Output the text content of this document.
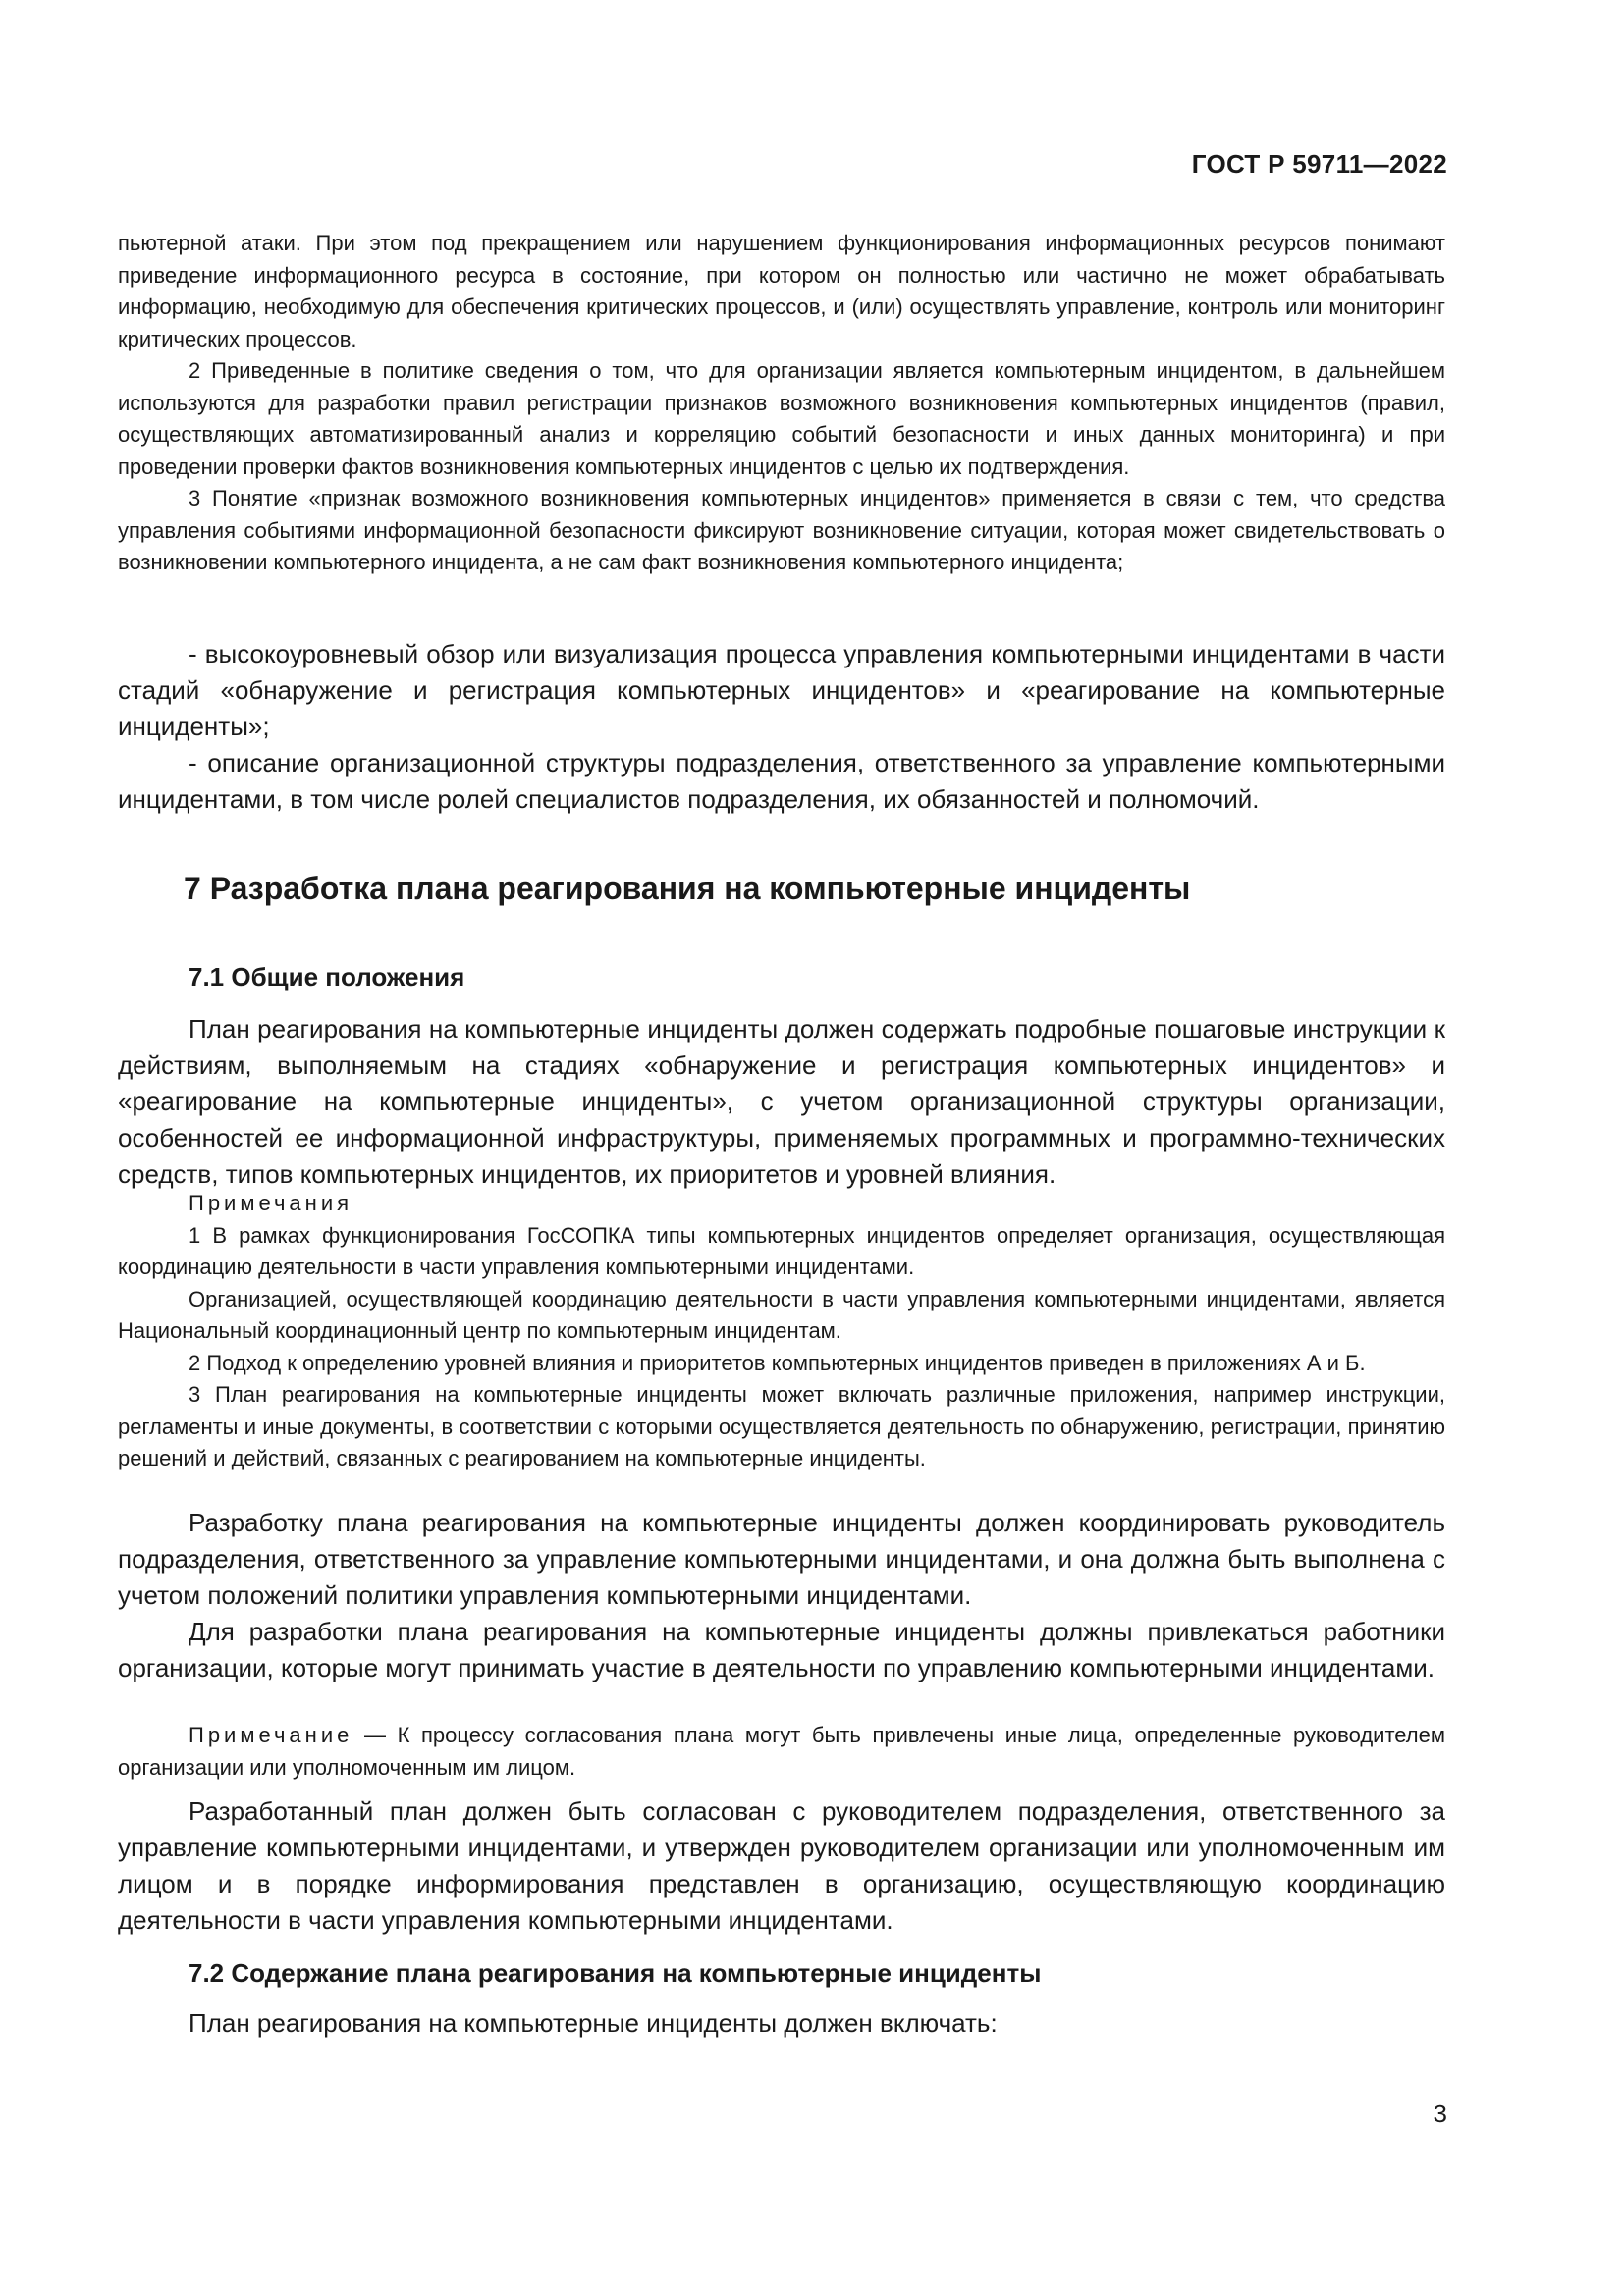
ГОСТ Р 59711—2022

пьютерной атаки. При этом под прекращением или нарушением функционирования информационных ресурсов понимают приведение информационного ресурса в состояние, при котором он полностью или частично не может обрабатывать информацию, необходимую для обеспечения критических процессов, и (или) осуществлять управление, контроль или мониторинг критических процессов.

2 Приведенные в политике сведения о том, что для организации является компьютерным инцидентом, в дальнейшем используются для разработки правил регистрации признаков возможного возникновения компьютерных инцидентов (правил, осуществляющих автоматизированный анализ и корреляцию событий безопасности и иных данных мониторинга) и при проведении проверки фактов возникновения компьютерных инцидентов с целью их подтверждения.

3 Понятие «признак возможного возникновения компьютерных инцидентов» применяется в связи с тем, что средства управления событиями информационной безопасности фиксируют возникновение ситуации, которая может свидетельствовать о возникновении компьютерного инцидента, а не сам факт возникновения компьютерного инцидента;

- высокоуровневый обзор или визуализация процесса управления компьютерными инцидентами в части стадий «обнаружение и регистрация компьютерных инцидентов» и «реагирование на компьютерные инциденты»;

- описание организационной структуры подразделения, ответственного за управление компьютерными инцидентами, в том числе ролей специалистов подразделения, их обязанностей и полномочий.

7 Разработка плана реагирования на компьютерные инциденты
7.1 Общие положения

План реагирования на компьютерные инциденты должен содержать подробные пошаговые инструкции к действиям, выполняемым на стадиях «обнаружение и регистрация компьютерных инцидентов» и «реагирование на компьютерные инциденты», с учетом организационной структуры организации, особенностей ее информационной инфраструктуры, применяемых программных и программно-технических средств, типов компьютерных инцидентов, их приоритетов и уровней влияния.

Примечания

1 В рамках функционирования ГосСОПКА типы компьютерных инцидентов определяет организация, осуществляющая координацию деятельности в части управления компьютерными инцидентами.

Организацией, осуществляющей координацию деятельности в части управления компьютерными инцидентами, является Национальный координационный центр по компьютерным инцидентам.

2 Подход к определению уровней влияния и приоритетов компьютерных инцидентов приведен в приложениях А и Б.

3 План реагирования на компьютерные инциденты может включать различные приложения, например инструкции, регламенты и иные документы, в соответствии с которыми осуществляется деятельность по обнаружению, регистрации, принятию решений и действий, связанных с реагированием на компьютерные инциденты.

Разработку плана реагирования на компьютерные инциденты должен координировать руководитель подразделения, ответственного за управление компьютерными инцидентами, и она должна быть выполнена с учетом положений политики управления компьютерными инцидентами.

Для разработки плана реагирования на компьютерные инциденты должны привлекаться работники организации, которые могут принимать участие в деятельности по управлению компьютерными инцидентами.

Примечание — К процессу согласования плана могут быть привлечены иные лица, определенные руководителем организации или уполномоченным им лицом.

Разработанный план должен быть согласован с руководителем подразделения, ответственного за управление компьютерными инцидентами, и утвержден руководителем организации или уполномоченным им лицом и в порядке информирования представлен в организацию, осуществляющую координацию деятельности в части управления компьютерными инцидентами.

7.2 Содержание плана реагирования на компьютерные инциденты

План реагирования на компьютерные инциденты должен включать:

3
